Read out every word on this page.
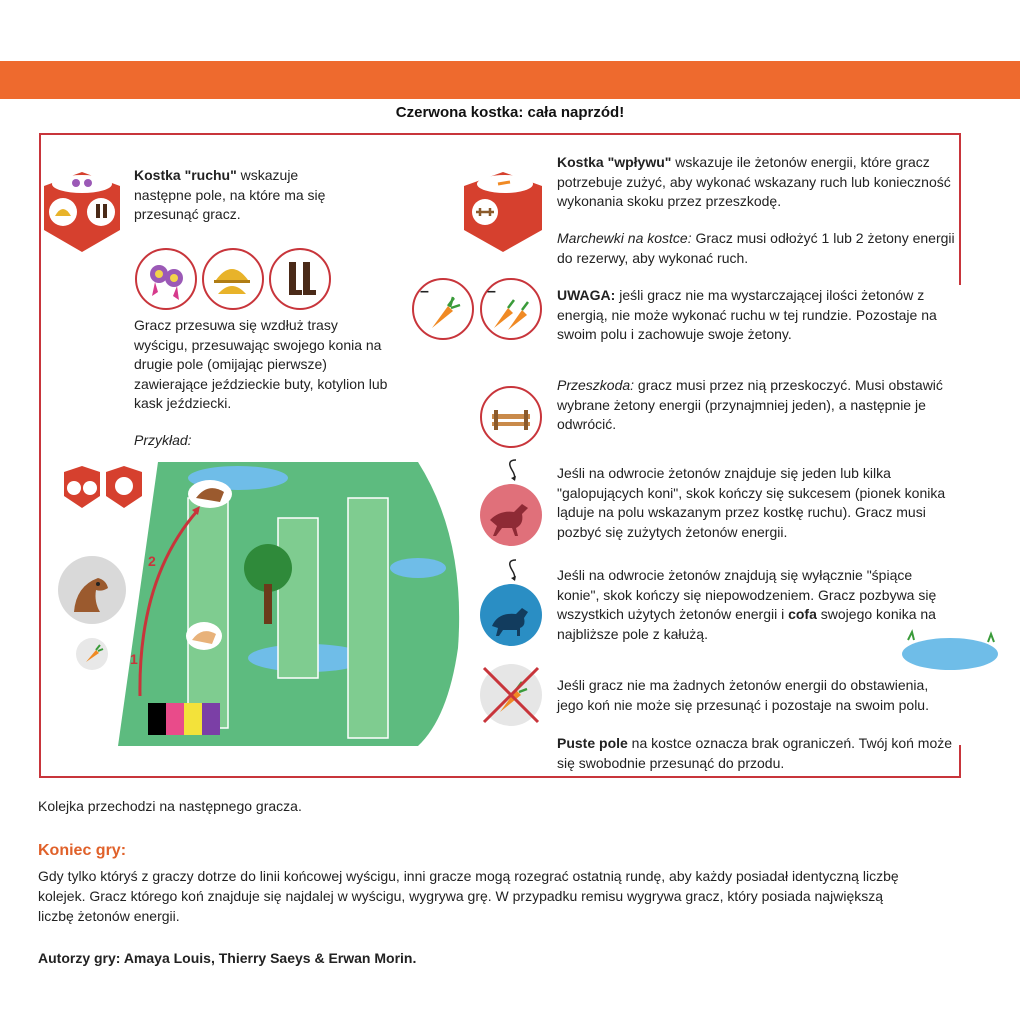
Czerwona kostka: cała naprzód!
Kostka "ruchu" wskazuje następne pole, na które ma się przesunąć gracz.
Gracz przesuwa się wzdłuż trasy wyścigu, przesuwając swojego konia na drugie pole (omijając pierwsze) zawierające jeździeckie buty, kotylion lub kask jeździecki.
Przykład:
1
2
Kostka "wpływu" wskazuje ile żetonów energii, które gracz potrzebuje zużyć, aby wykonać wskazany ruch lub konieczność wykonania skoku przez przeszkodę.
Marchewki na kostce: Gracz musi odłożyć 1 lub 2 żetony energii do rezerwy, aby wykonać ruch.
–	–	UWAGA: jeśli gracz nie ma wystarczającej ilości żetonów z energią, nie może wykonać ruchu w tej rundzie. Pozostaje na swoim polu i zachowuje swoje żetony.
Przeszkoda: gracz musi przez nią przeskoczyć. Musi obstawić wybrane żetony energii (przynajmniej jeden), a następnie je odwrócić.
Jeśli na odwrocie żetonów znajduje się jeden lub kilka "galopujących koni", skok kończy się sukcesem (pionek konika ląduje na polu wskazanym przez kostkę ruchu). Gracz musi pozbyć się zużytych żetonów energii.
Jeśli na odwrocie żetonów znajdują się wyłącznie "śpiące konie", skok kończy się niepowodzeniem. Gracz pozbywa się wszystkich użytych żetonów energii i cofa swojego konika na najbliższe pole z kałużą.
Jeśli gracz nie ma żadnych żetonów energii do obstawienia, jego koń nie może się przesunąć i pozostaje na swoim polu.
Puste pole na kostce oznacza brak ograniczeń. Twój koń może się swobodnie przesunąć do przodu.
Kolejka przechodzi na następnego gracza.
Koniec gry:
Gdy tylko któryś z graczy dotrze do linii końcowej wyścigu, inni gracze mogą rozegrać ostatnią rundę, aby każdy posiadał identyczną liczbę kolejek. Gracz którego koń znajduje się najdalej w wyścigu, wygrywa grę. W przypadku remisu wygrywa gracz, który posiada największą liczbę żetonów energii.
Autorzy gry: Amaya Louis, Thierry Saeys & Erwan Morin.
